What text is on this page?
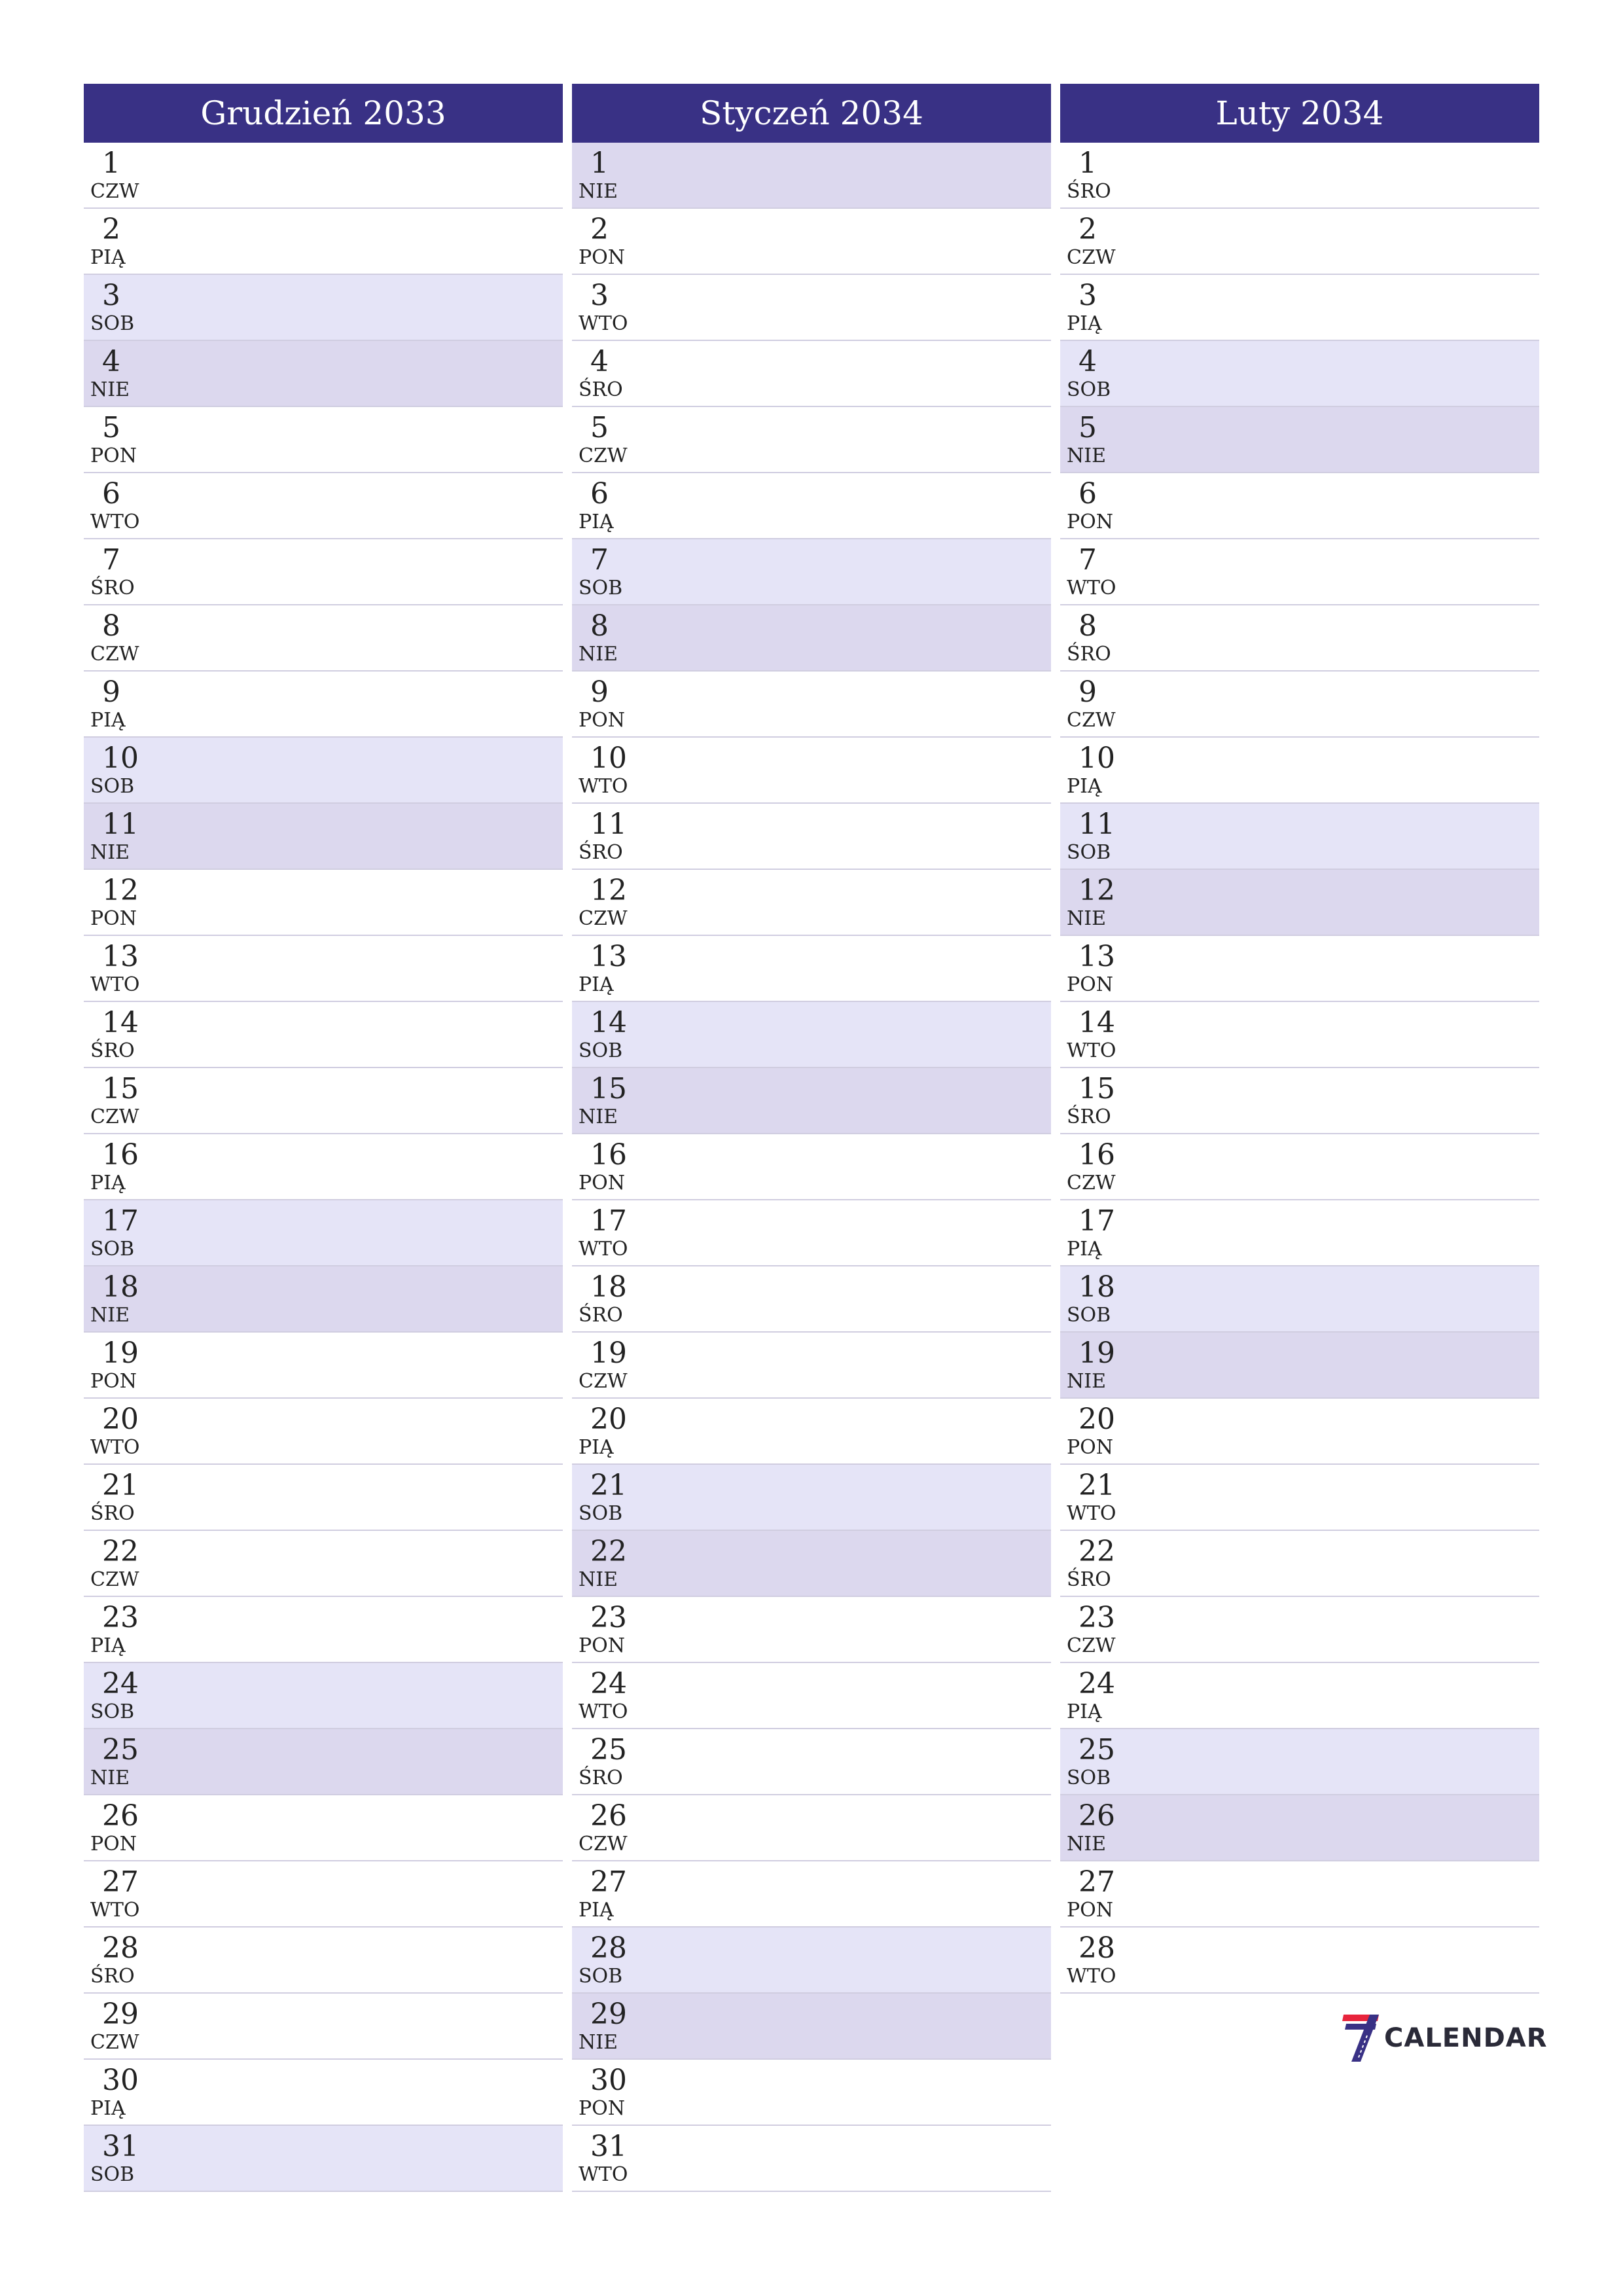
Grudzień 2033
1
CZW
2
PIĄ
3
SOB
4
NIE
5
PON
6
WTO
7
ŚRO
8
CZW
9
PIĄ
10
SOB
11
NIE
12
PON
13
WTO
14
ŚRO
15
CZW
16
PIĄ
17
SOB
18
NIE
19
PON
20
WTO
21
ŚRO
22
CZW
23
PIĄ
24
SOB
25
NIE
26
PON
27
WTO
28
ŚRO
29
CZW
30
PIĄ
31
SOB
Styczeń 2034
1
NIE
2
PON
3
WTO
4
ŚRO
5
CZW
6
PIĄ
7
SOB
8
NIE
9
PON
10
WTO
11
ŚRO
12
CZW
13
PIĄ
14
SOB
15
NIE
16
PON
17
WTO
18
ŚRO
19
CZW
20
PIĄ
21
SOB
22
NIE
23
PON
24
WTO
25
ŚRO
26
CZW
27
PIĄ
28
SOB
29
NIE
30
PON
31
WTO
Luty 2034
1
ŚRO
2
CZW
3
PIĄ
4
SOB
5
NIE
6
PON
7
WTO
8
ŚRO
9
CZW
10
PIĄ
11
SOB
12
NIE
13
PON
14
WTO
15
ŚRO
16
CZW
17
PIĄ
18
SOB
19
NIE
20
PON
21
WTO
22
ŚRO
23
CZW
24
PIĄ
25
SOB
26
NIE
27
PON
28
WTO
CALENDAR
